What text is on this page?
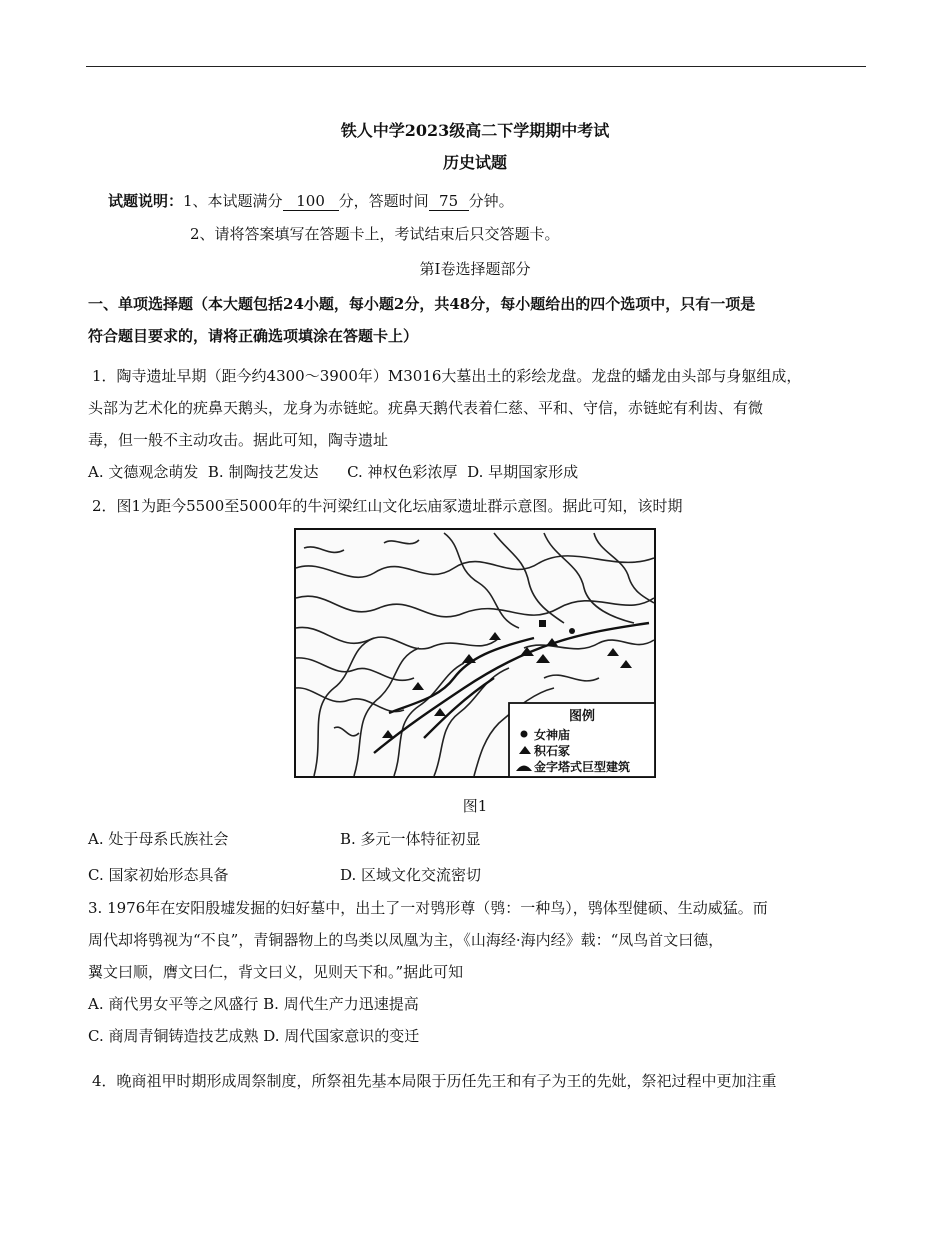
铁人中学2023级高二下学期期中考试
历史试题
试题说明：1、本试题满分 100 分，答题时间 75 分钟。
2、请将答案填写在答题卡上，考试结束后只交答题卡。
第Ⅰ卷选择题部分
一、单项选择题（本大题包括24小题，每小题2分，共48分，每小题给出的四个选项中，只有一项是
符合题目要求的，请将正确选项填涂在答题卡上）
1．陶寺遗址早期（距今约4300～3900年）M3016大墓出土的彩绘龙盘。龙盘的蟠龙由头部与身躯组成，
头部为艺术化的疣鼻天鹅头，龙身为赤链蛇。疣鼻天鹅代表着仁慈、平和、守信，赤链蛇有利齿、有微
毒，但一般不主动攻击。据此可知，陶寺遗址
A. 文德观念萌发  B. 制陶技艺发达      C. 神权色彩浓厚  D. 早期国家形成
2．图1为距今5500至5000年的牛河梁红山文化坛庙冢遗址群示意图。据此可知，该时期
图例
女神庙
积石冢
金字塔式巨型建筑
图1
A. 处于母系氏族社会	B. 多元一体特征初显
C. 国家初始形态具备	D. 区域文化交流密切
3. 1976年在安阳殷墟发掘的妇好墓中，出土了一对鸮形尊（鸮：一种鸟），鸮体型健硕、生动威猛。而
周代却将鸮视为“不良”，青铜器物上的鸟类以凤凰为主，《山海经·海内经》载：“凤鸟首文曰德，
翼文曰顺，膺文曰仁，背文曰义，见则天下和。”据此可知
A. 商代男女平等之风盛行 B. 周代生产力迅速提高
C. 商周青铜铸造技艺成熟 D. 周代国家意识的变迁
4．晚商祖甲时期形成周祭制度，所祭祖先基本局限于历任先王和有子为王的先妣，祭祀过程中更加注重
